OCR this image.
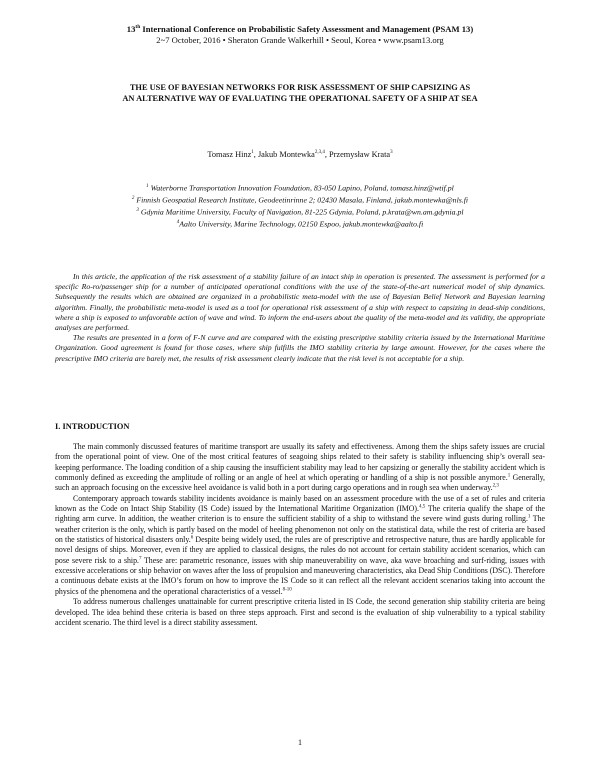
13th International Conference on Probabilistic Safety Assessment and Management (PSAM 13)
2~7 October, 2016 • Sheraton Grande Walkerhill • Seoul, Korea • www.psam13.org
THE USE OF BAYESIAN NETWORKS FOR RISK ASSESSMENT OF SHIP CAPSIZING AS
AN ALTERNATIVE WAY OF EVALUATING THE OPERATIONAL SAFETY OF A SHIP AT SEA
Tomasz Hinz$^1$, Jakub Montewka$^{2,3,4}$, Przemysław Krata$^3$
$^1$ Waterborne Transportation Innovation Foundation, 83-050 Lapino, Poland, tomasz.hinz@wtif.pl
$^2$ Finnish Geospatial Research Institute, Geodeetinrinne 2; 02430 Masala, Finland, jakub.montewka@nls.fi
$^3$ Gdynia Maritime University, Faculty of Navigation, 81-225 Gdynia, Poland, p.krata@wn.am.gdynia.pl
$^4$Aalto University, Marine Technology, 02150 Espoo, jakub.montewka@aalto.fi

In this article, the application of the risk assessment of a stability failure of an intact ship in operation is presented. The assessment is performed for a specific Ro-ro/passenger ship for a number of anticipated operational conditions with the use of the state-of-the-art numerical model of ship dynamics. Subsequently the results which are obtained are organized in a probabilistic meta-model with the use of Bayesian Belief Network and Bayesian learning algorithm. Finally, the probabilistic meta-model is used as a tool for operational risk assessment of a ship with respect to capsizing in dead-ship conditions, where a ship is exposed to unfavorable action of wave and wind. To inform the end-users about the quality of the meta-model and its validity, the appropriate analyses are performed.

The results are presented in a form of F-N curve and are compared with the existing prescriptive stability criteria issued by the International Maritime Organization. Good agreement is found for those cases, where ship fulfills the IMO stability criteria by large amount. However, for the cases where the prescriptive IMO criteria are barely met, the results of risk assessment clearly indicate that the risk level is not acceptable for a ship.

I. INTRODUCTION

The main commonly discussed features of maritime transport are usually its safety and effectiveness. Among them the ships safety issues are crucial from the operational point of view. One of the most critical features of seagoing ships related to their safety is stability influencing ship’s overall sea-keeping performance. The loading condition of a ship causing the insufficient stability may lead to her capsizing or generally the stability accident which is commonly defined as exceeding the amplitude of rolling or an angle of heel at which operating or handling of a ship is not possible anymore.$^1$ Generally, such an approach focusing on the excessive heel avoidance is valid both in a port during cargo operations and in rough sea when underway.$^{2,3}$

Contemporary approach towards stability incidents avoidance is mainly based on an assessment procedure with the use of a set of rules and criteria known as the Code on Intact Ship Stability (IS Code) issued by the International Maritime Organization (IMO).$^{4,5}$ The criteria qualify the shape of the righting arm curve. In addition, the weather criterion is to ensure the sufficient stability of a ship to withstand the severe wind gusts during rolling.$^1$ The weather criterion is the only, which is partly based on the model of heeling phenomenon not only on the statistical data, while the rest of criteria are based on the statistics of historical disasters only.$^6$ Despite being widely used, the rules are of prescriptive and retrospective nature, thus are hardly applicable for novel designs of ships. Moreover, even if they are applied to classical designs, the rules do not account for certain stability accident scenarios, which can pose severe risk to a ship.$^7$ These are: parametric resonance, issues with ship maneuverability on wave, aka wave broaching and surf-riding, issues with excessive accelerations or ship behavior on waves after the loss of propulsion and maneuvering characteristics, aka Dead Ship Conditions (DSC). Therefore a continuous debate exists at the IMO’s forum on how to improve the IS Code so it can reflect all the relevant accident scenarios taking into account the physics of the phenomena and the operational characteristics of a vessel.$^{8-10}$

To address numerous challenges unattainable for current prescriptive criteria listed in IS Code, the second generation ship stability criteria are being developed. The idea behind these criteria is based on three steps approach. First and second is the evaluation of ship vulnerability to a typical stability accident scenario. The third level is a direct stability assessment.

1
